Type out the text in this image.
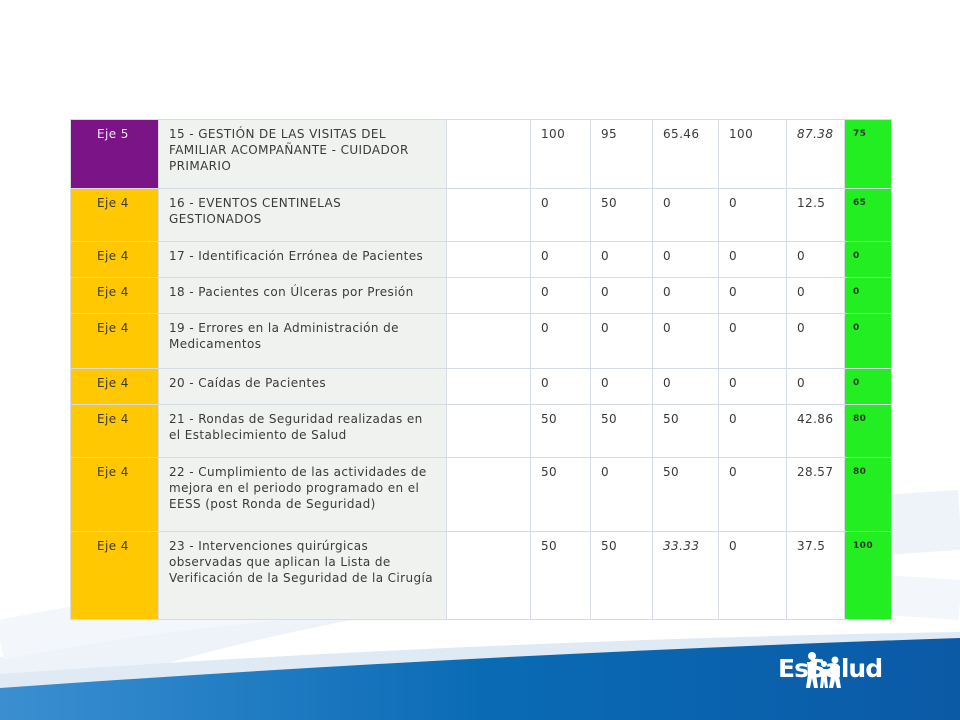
Eje 5	15 - GESTIÓN DE LAS VISITAS DEL FAMILIAR ACOMPAÑANTE - CUIDADOR PRIMARIO		100	95	65.46	100	87.38	75
Eje 4	16 - EVENTOS CENTINELAS GESTIONADOS		0	50	0	0	12.5	65
Eje 4	17 - Identificación Errónea de Pacientes		0	0	0	0	0	0
Eje 4	18 - Pacientes con Úlceras por Presión		0	0	0	0	0	0
Eje 4	19 - Errores en la Administración de Medicamentos		0	0	0	0	0	0
Eje 4	20 - Caídas de Pacientes		0	0	0	0	0	0
Eje 4	21 - Rondas de Seguridad realizadas en el Establecimiento de Salud		50	50	50	0	42.86	80
Eje 4	22 - Cumplimiento de las actividades de mejora en el periodo programado en el EESS (post Ronda de Seguridad)		50	0	50	0	28.57	80
Eje 4	23 - Intervenciones quirúrgicas observadas que aplican la Lista de Verificación de la Seguridad de la Cirugía		50	50	33.33	0	37.5	100
EsSalud
